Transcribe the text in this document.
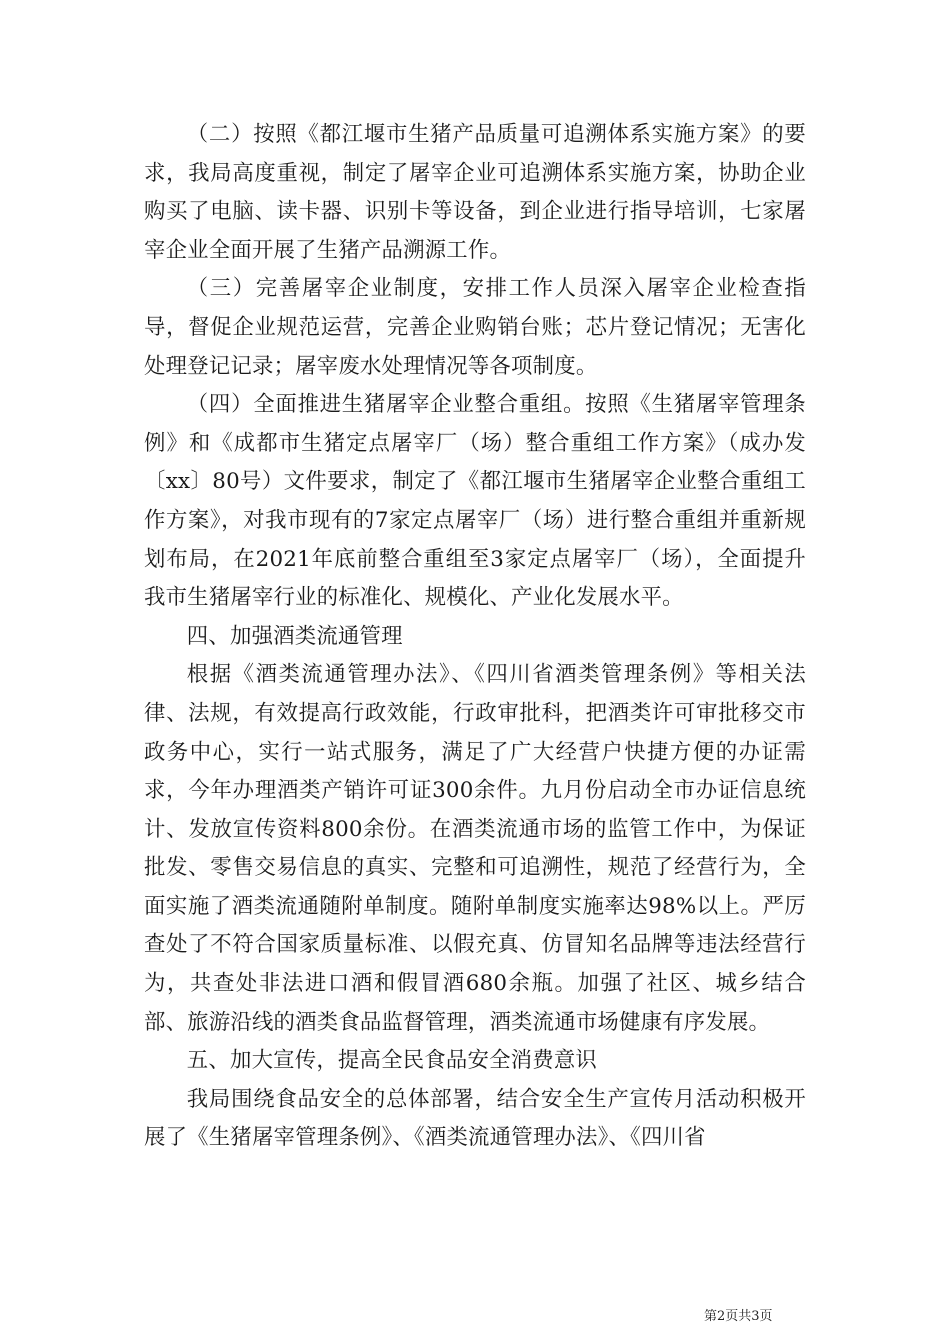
（二）按照《都江堰市生猪产品质量可追溯体系实施方案》的要求，我局高度重视，制定了屠宰企业可追溯体系实施方案，协助企业购买了电脑、读卡器、识别卡等设备，到企业进行指导培训，七家屠宰企业全面开展了生猪产品溯源工作。

（三）完善屠宰企业制度，安排工作人员深入屠宰企业检查指导，督促企业规范运营，完善企业购销台账；芯片登记情况；无害化处理登记记录；屠宰废水处理情况等各项制度。

（四）全面推进生猪屠宰企业整合重组。按照《生猪屠宰管理条例》和《成都市生猪定点屠宰厂（场）整合重组工作方案》（成办发〔xx〕80号）文件要求，制定了《都江堰市生猪屠宰企业整合重组工作方案》，对我市现有的7家定点屠宰厂（场）进行整合重组并重新规划布局，在2021年底前整合重组至3家定点屠宰厂（场），全面提升我市生猪屠宰行业的标准化、规模化、产业化发展水平。

四、加强酒类流通管理

根据《酒类流通管理办法》、《四川省酒类管理条例》等相关法律、法规，有效提高行政效能，行政审批科，把酒类许可审批移交市政务中心，实行一站式服务，满足了广大经营户快捷方便的办证需求，今年办理酒类产销许可证300余件。九月份启动全市办证信息统计、发放宣传资料800余份。在酒类流通市场的监管工作中，为保证批发、零售交易信息的真实、完整和可追溯性，规范了经营行为，全面实施了酒类流通随附单制度。随附单制度实施率达98%以上。严厉查处了不符合国家质量标准、以假充真、仿冒知名品牌等违法经营行为，共查处非法进口酒和假冒酒680余瓶。加强了社区、城乡结合部、旅游沿线的酒类食品监督管理，酒类流通市场健康有序发展。

五、加大宣传，提高全民食品安全消费意识

我局围绕食品安全的总体部署，结合安全生产宣传月活动积极开展了《生猪屠宰管理条例》、《酒类流通管理办法》、《四川省

第2页共3页
